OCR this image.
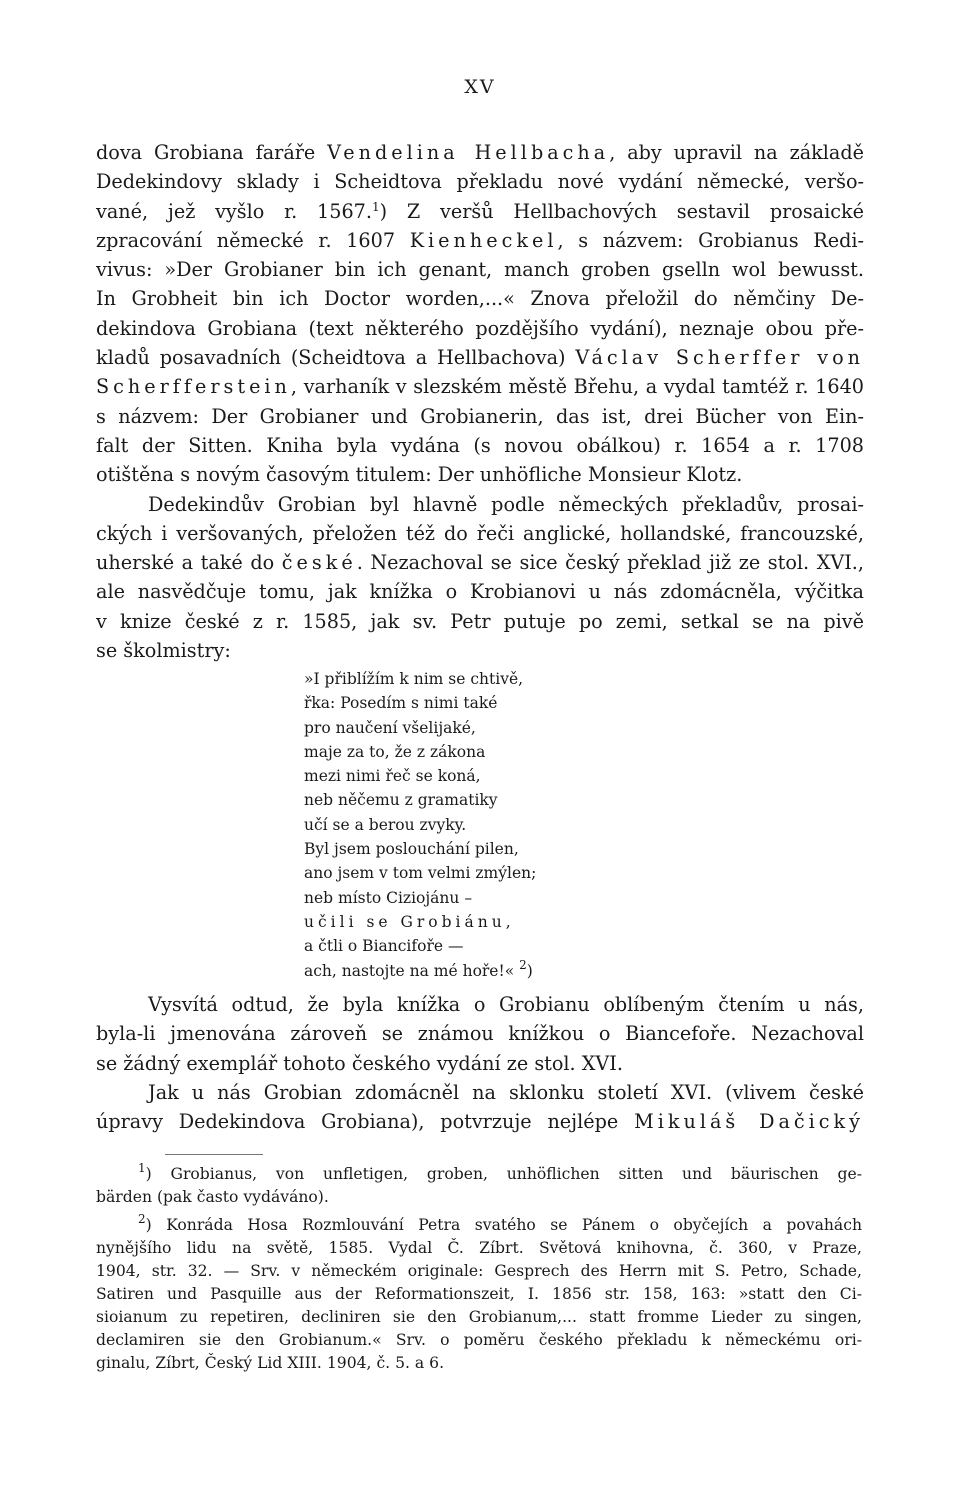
XV

dova Grobiana faráře Vendelina Hellbacha, aby upravil na základě
Dedekindovy sklady i Scheidtova překladu nové vydání německé, veršo-
vané, jež vyšlo r. 1567.$^1$) Z veršů Hellbachových sestavil prosaické
zpracování německé r. 1607 Kienheckel, s názvem: Grobianus Redi-
vivus: »Der Grobianer bin ich genant, manch groben gselln wol bewusst.
In Grobheit bin ich Doctor worden,...« Znova přeložil do němčiny De-
dekindova Grobiana (text některého pozdějšího vydání), neznaje obou pře-
kladů posavadních (Scheidtova a Hellbachova) Václav Scherffer von
Scherfferstein, varhaník v slezském městě Břehu, a vydal tamtéž r. 1640
s názvem: Der Grobianer und Grobianerin, das ist, drei Bücher von Ein-
falt der Sitten. Kniha byla vydána (s novou obálkou) r. 1654 a r. 1708
otištěna s novým časovým titulem: Der unhöfliche Monsieur Klotz.

Dedekindův Grobian byl hlavně podle německých překladův, prosai-
ckých i veršovaných, přeložen též do řeči anglické, hollandské, francouzské,
uherské a také do české. Nezachoval se sice český překlad již ze stol. XVI.,
ale nasvědčuje tomu, jak knížka o Krobianovi u nás zdomácněla, výčitka
v knize české z r. 1585, jak sv. Petr putuje po zemi, setkal se na pivě
se školmistry:

»I přiblížím k nim se chtivě,
řka: Posedím s nimi také
pro naučení všelijaké,
maje za to, že z zákona
mezi nimi řeč se koná,
neb něčemu z gramatiky
učí se a berou zvyky.
Byl jsem poslouchání pilen,
ano jsem v tom velmi zmýlen;
neb místo Ciziojánu –
učili se Grobiánu,
a čtli o Biancifoře —
ach, nastojte na mé hoře!« $^2$)

Vysvítá odtud, že byla knížka o Grobianu oblíbeným čtením u nás,
byla-li jmenována zároveň se známou knížkou o Biancefoře. Nezachoval
se žádný exemplář tohoto českého vydání ze stol. XVI.

Jak u nás Grobian zdomácněl na sklonku století XVI. (vlivem české
úpravy Dedekindova Grobiana), potvrzuje nejlépe Mikuláš Dačický

$^1$) Grobianus, von unfletigen, groben, unhöflichen sitten und bäurischen ge-
bärden (pak často vydáváno).

$^2$) Konráda Hosa Rozmlouvání Petra svatého se Pánem o obyčejích a povahách
nynějšího lidu na světě, 1585. Vydal Č. Zíbrt. Světová knihovna, č. 360, v Praze,
1904, str. 32. — Srv. v německém originale: Gesprech des Herrn mit S. Petro, Schade,
Satiren und Pasquille aus der Reformationszeit, I. 1856 str. 158, 163: »statt den Ci-
sioianum zu repetiren, decliniren sie den Grobianum,... statt fromme Lieder zu singen,
declamiren sie den Grobianum.« Srv. o poměru českého překladu k německému ori-
ginalu, Zíbrt, Český Lid XIII. 1904, č. 5. a 6.
